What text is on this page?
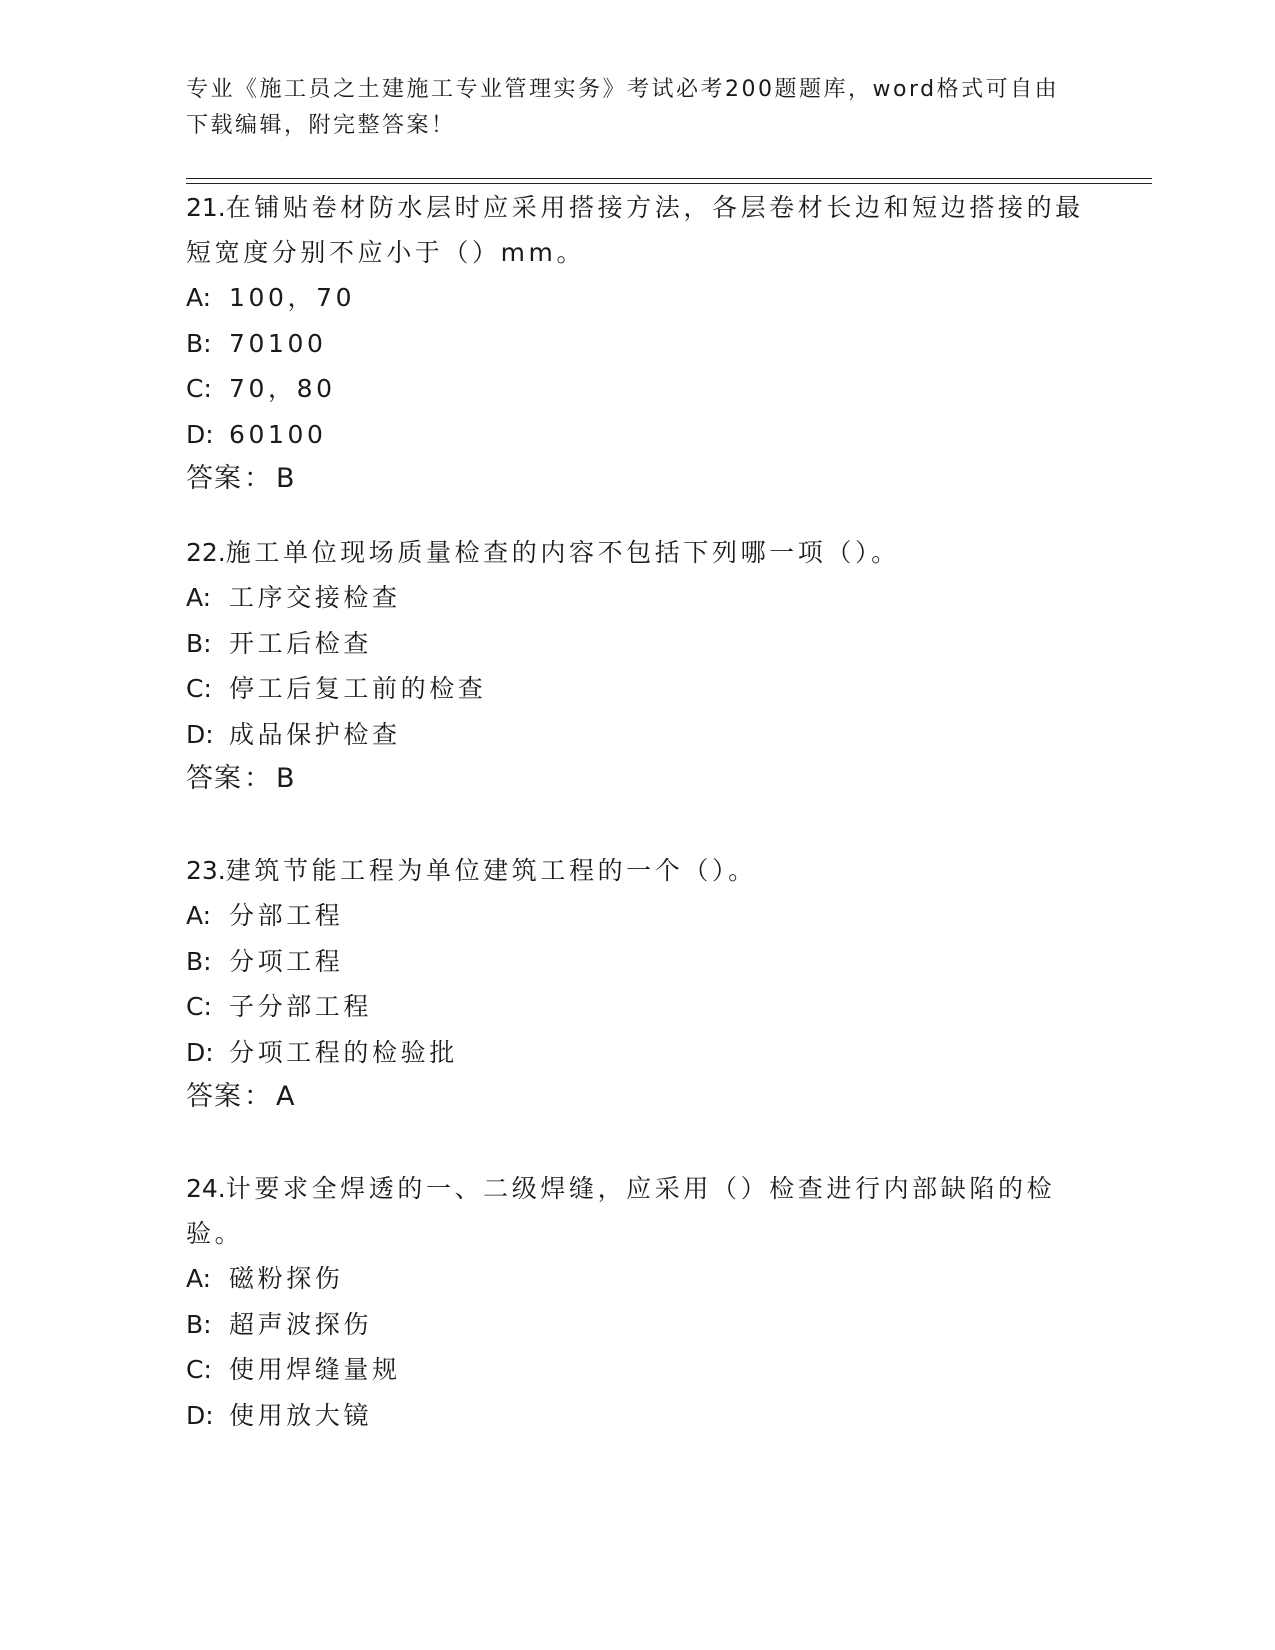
专业《施工员之土建施工专业管理实务》考试必考200题题库，word格式可自由
下载编辑，附完整答案！

21.在铺贴卷材防水层时应采用搭接方法，各层卷材长边和短边搭接的最短宽度分别不应小于（）mm。

A: 100，70
B: 70100
C: 70，80
D: 60100
答案： B

22.施工单位现场质量检查的内容不包括下列哪一项（）。

A: 工序交接检查
B: 开工后检查
C: 停工后复工前的检查
D: 成品保护检查
答案： B

23.建筑节能工程为单位建筑工程的一个（）。

A: 分部工程
B: 分项工程
C: 子分部工程
D: 分项工程的检验批
答案： A

24.计要求全焊透的一、二级焊缝，应采用（）检查进行内部缺陷的检验。

A: 磁粉探伤
B: 超声波探伤
C: 使用焊缝量规
D: 使用放大镜
